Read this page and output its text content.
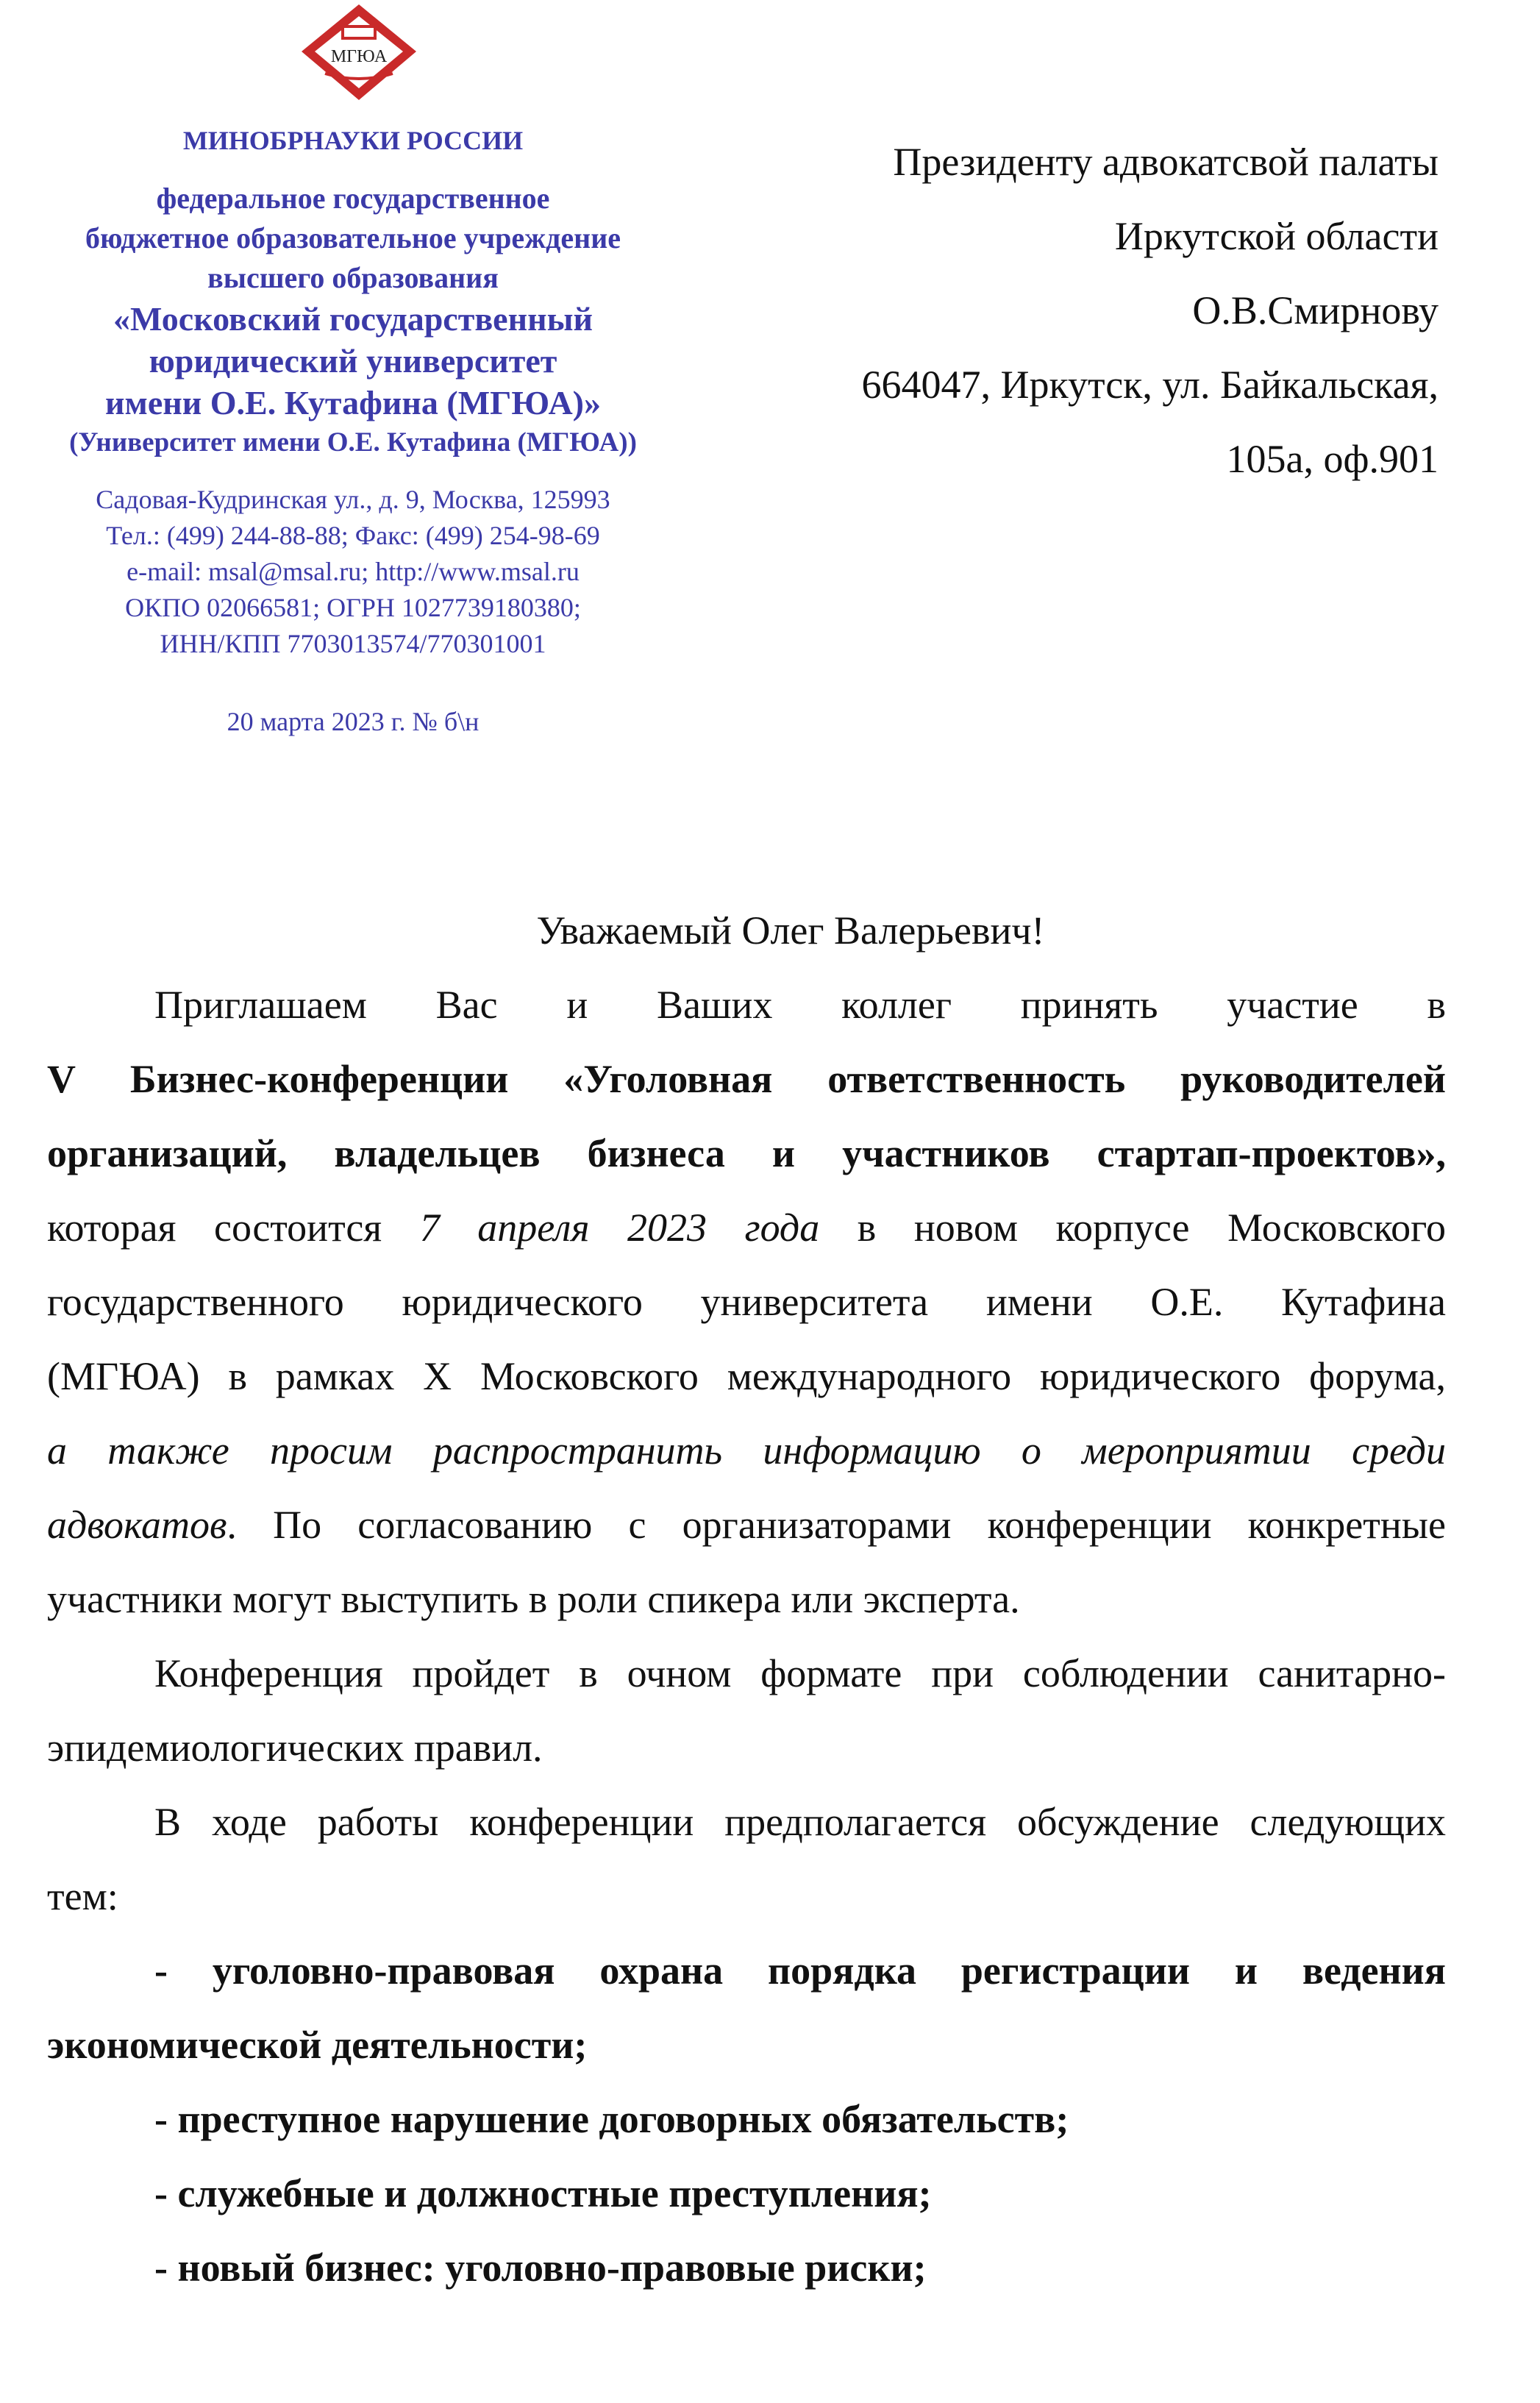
МГЮА
МИНОБРНАУКИ РОССИИ
федеральное государственное
бюджетное образовательное учреждение
высшего образования
«Московский государственный
юридический университет
имени О.Е. Кутафина (МГЮА)»
(Университет имени О.Е. Кутафина (МГЮА))
Садовая-Кудринская ул., д. 9, Москва, 125993
Тел.: (499) 244-88-88; Факс: (499) 254-98-69
e-mail: msal@msal.ru; http://www.msal.ru
ОКПО 02066581; ОГРН 1027739180380;
ИНН/КПП 7703013574/770301001
20 марта 2023 г. № б\н
Президенту адвокатсвой палаты
Иркутской области
О.В.Смирнову
664047, Иркутск, ул. Байкальская,
105а, оф.901
Уважаемый Олег Валерьевич!
Приглашаем Вас и Ваших коллег принять участие в
V Бизнес-конференции «Уголовная ответственность руководителей
организаций, владельцев бизнеса и участников стартап-проектов»,
которая состоится 7 апреля 2023 года в новом корпусе Московского
государственного юридического университета имени О.Е. Кутафина
(МГЮА) в рамках X Московского международного юридического форума,
а также просим распространить информацию о мероприятии среди
адвокатов. По согласованию с организаторами конференции конкретные
участники могут выступить в роли спикера или эксперта.
Конференция пройдет в очном формате при соблюдении санитарно-
эпидемиологических правил.
В ходе работы конференции предполагается обсуждение следующих
тем:
- уголовно-правовая охрана порядка регистрации и ведения
экономической деятельности;
- преступное нарушение договорных обязательств;
- служебные и должностные преступления;
- новый бизнес: уголовно-правовые риски;
